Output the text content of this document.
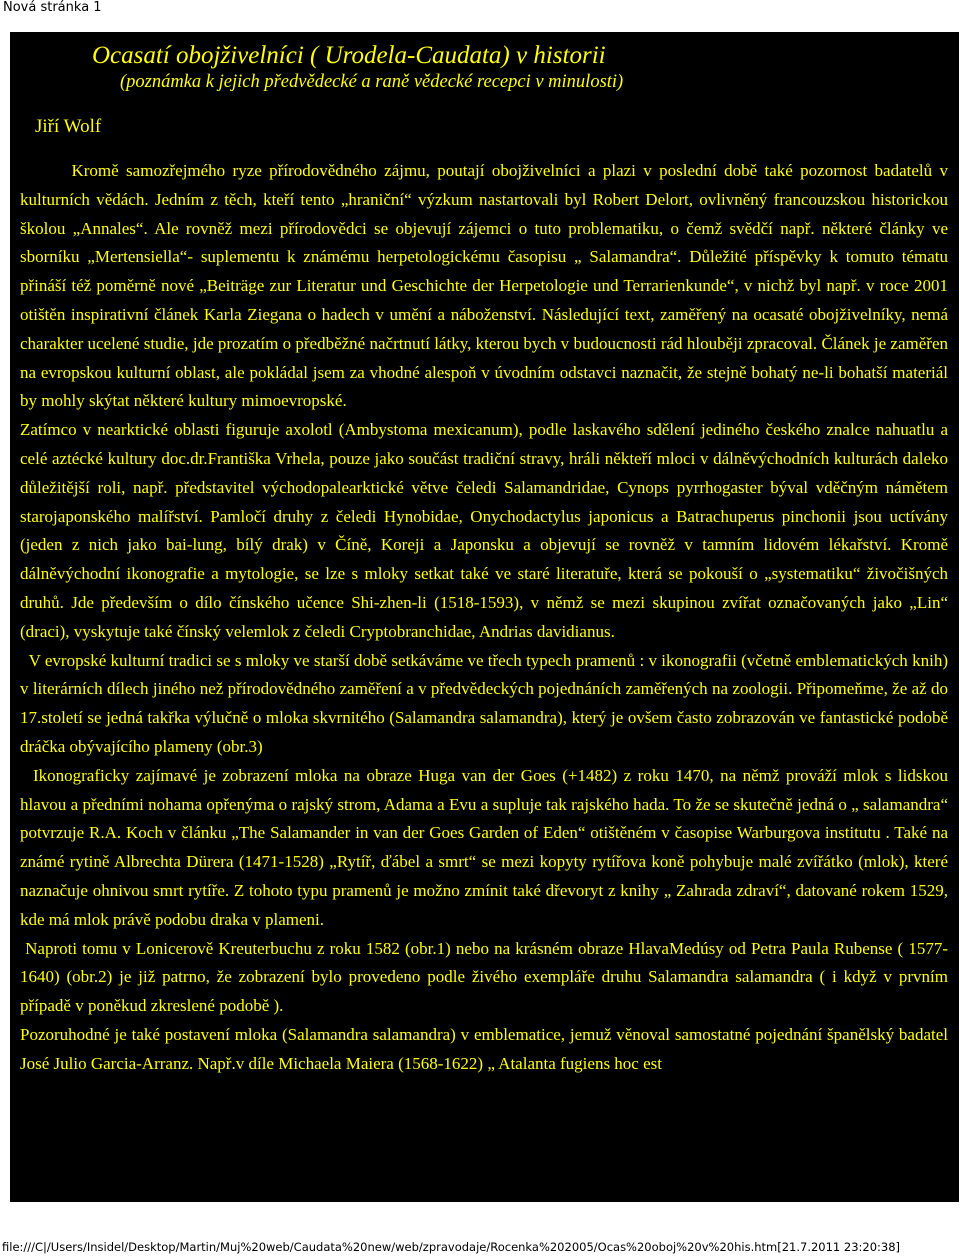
Nová stránka 1
Ocasatí obojživelníci ( Urodela-Caudata) v historii
(poznámka k jejich předvědecké a raně vědecké recepci v minulosti)
Jiří Wolf

Kromě samozřejmého ryze přírodovědného zájmu, poutají obojživelníci a plazi v poslední době také pozornost badatelů v kulturních vědách. Jedním z těch, kteří tento „hraniční“ výzkum nastartovali byl Robert Delort, ovlivněný francouzskou historickou školou „Annales“. Ale rovněž mezi přírodovědci se objevují zájemci o tuto problematiku, o čemž svědčí např. některé články ve sborníku „Mertensiella“- suplementu k známému herpetologickému časopisu „ Salamandra“. Důležité příspěvky k tomuto tématu přináší též poměrně nové „Beiträge zur Literatur und Geschichte der Herpetologie und Terrarienkunde“, v nichž byl např. v roce 2001 otištěn inspirativní článek Karla Ziegana o hadech v umění a náboženství. Následující text, zaměřený na ocasaté obojživelníky, nemá charakter ucelené studie, jde prozatím o předběžné načrtnutí látky, kterou bych v budoucnosti rád hlouběji zpracoval. Článek je zaměřen na evropskou kulturní oblast, ale pokládal jsem za vhodné alespoň v úvodním odstavci naznačit, že stejně bohatý ne-li bohatší materiál by mohly skýtat některé kultury mimoevropské.

Zatímco v nearktické oblasti figuruje axolotl (Ambystoma mexicanum), podle laskavého sdělení jediného českého znalce nahuatlu a celé aztécké kultury doc.dr.Františka Vrhela, pouze jako součást tradiční stravy, hráli někteří mloci v dálněvýchodních kulturách daleko důležitější roli, např. představitel východopalearktické větve čeledi Salamandridae, Cynops pyrrhogaster býval vděčným námětem starojaponského malířství. Pamločí druhy z čeledi Hynobidae, Onychodactylus japonicus a Batrachuperus pinchonii jsou uctívány (jeden z nich jako bai-lung, bílý drak) v Číně, Koreji a Japonsku a objevují se rovněž v tamním lidovém lékařství. Kromě dálněvýchodní ikonografie a mytologie, se lze s mloky setkat také ve staré literatuře, která se pokouší o „systematiku“ živočišných druhů. Jde především o dílo čínského učence Shi-zhen-li (1518-1593), v němž se mezi skupinou zvířat označovaných jako „Lin“ (draci), vyskytuje také čínský velemlok z čeledi Cryptobranchidae, Andrias davidianus.

V evropské kulturní tradici se s mloky ve starší době setkáváme ve třech typech pramenů : v ikonografii (včetně emblematických knih) v literárních dílech jiného než přírodovědného zaměření a v předvědeckých pojednáních zaměřených na zoologii. Připomeňme, že až do 17.století se jedná takřka výlučně o mloka skvrnitého (Salamandra salamandra), který je ovšem často zobrazován ve fantastické podobě dráčka obývajícího plameny (obr.3)

Ikonograficky zajímavé je zobrazení mloka na obraze Huga van der Goes (+1482) z roku 1470, na němž prováží mlok s lidskou hlavou a předními nohama opřenýma o rajský strom, Adama a Evu a supluje tak rajského hada. To že se skutečně jedná o „ salamandra“ potvrzuje R.A. Koch v článku „The Salamander in van der Goes Garden of Eden“ otištěném v časopise Warburgova institutu . Také na známé rytině Albrechta Dürera (1471-1528) „Rytíř, ďábel a smrt“ se mezi kopyty rytířova koně pohybuje malé zvířátko (mlok), které naznačuje ohnivou smrt rytíře. Z tohoto typu pramenů je možno zmínit také dřevoryt z knihy „ Zahrada zdraví“, datované rokem 1529, kde má mlok právě podobu draka v plameni.

Naproti tomu v Lonicerově Kreuterbuchu z roku 1582 (obr.1) nebo na krásném obraze HlavaMedúsy od Petra Paula Rubense ( 1577-1640) (obr.2) je již patrno, že zobrazení bylo provedeno podle živého exempláře druhu Salamandra salamandra ( i když v prvním případě v poněkud zkreslené podobě ).

Pozoruhodné je také postavení mloka (Salamandra salamandra) v emblematice, jemuž věnoval samostatné pojednání španělský badatel José Julio Garcia-Arranz. Např.v díle Michaela Maiera (1568-1622) „ Atalanta fugiens hoc est

file:///C|/Users/Insidel/Desktop/Martin/Muj%20web/Caudata%20new/web/zpravodaje/Rocenka%202005/Ocas%20oboj%20v%20his.htm[21.7.2011 23:20:38]
